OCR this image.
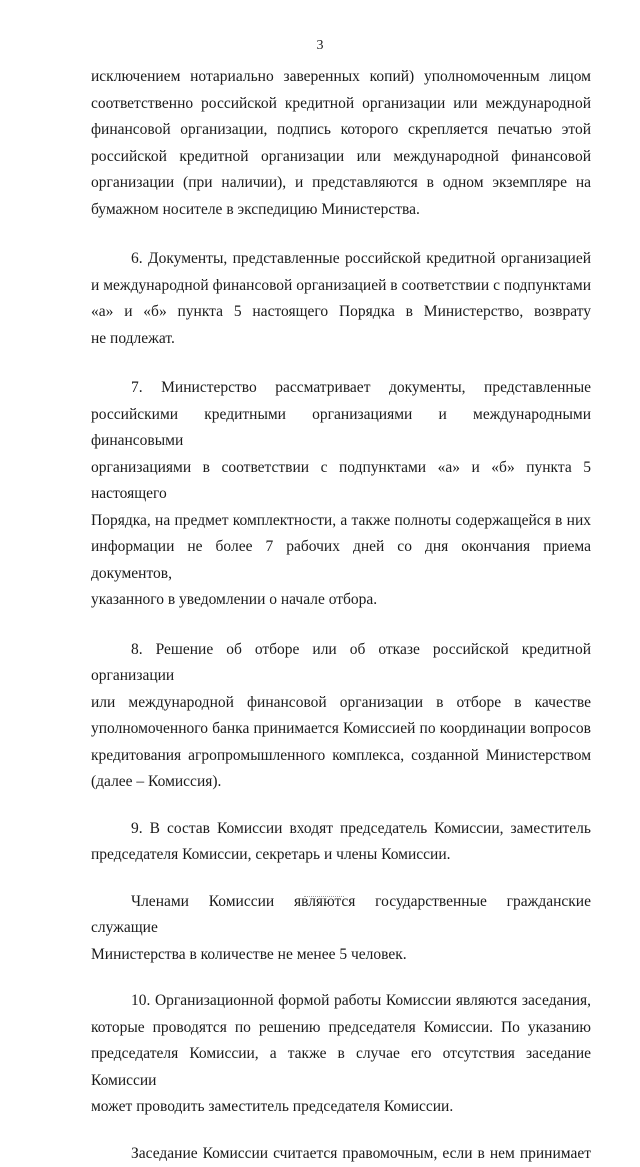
3

исключением нотариально заверенных копий) уполномоченным лицом

соответственно российской кредитной организации или международной

финансовой организации, подпись которого скрепляется печатью этой

российской кредитной организации или международной финансовой

организации (при наличии), и представляются в одном экземпляре на

бумажном носителе в экспедицию Министерства.

6. Документы, представленные российской кредитной организацией

и международной финансовой организацией в соответствии с подпунктами

«а» и «б» пункта 5 настоящего Порядка в Министерство, возврату

не подлежат.

7. Министерство рассматривает документы, представленные

российскими кредитными организациями и международными финансовыми

организациями в соответствии с подпунктами «а» и «б» пункта 5 настоящего

Порядка, на предмет комплектности, а также полноты содержащейся в них

информации не более 7 рабочих дней со дня окончания приема документов,

указанного в уведомлении о начале отбора.

8. Решение об отборе или об отказе российской кредитной организации

или международной финансовой организации в отборе в качестве

уполномоченного банка принимается Комиссией по координации вопросов

кредитования агропромышленного комплекса, созданной Министерством

(далее – Комиссия).

9. В состав Комиссии входят председатель Комиссии, заместитель

председателя Комиссии, секретарь и члены Комиссии.

Членами Комиссии являются государственные гражданские служащие

Министерства в количестве не менее 5 человек.

10. Организационной формой работы Комиссии являются заседания,

которые проводятся по решению председателя Комиссии. По указанию

председателя Комиссии, а также в случае его отсутствия заседание Комиссии

может проводить заместитель председателя Комиссии.

Заседание Комиссии считается правомочным, если в нем принимает
